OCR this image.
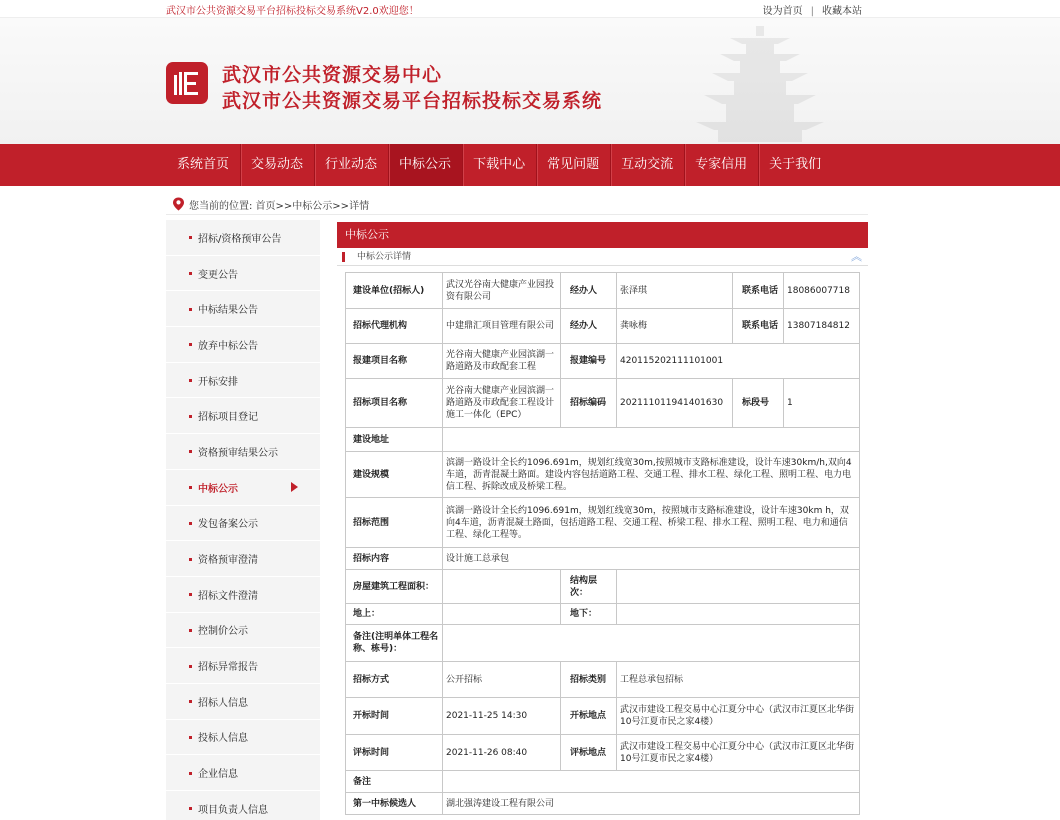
武汉市公共资源交易平台招标投标交易系统V2.0欢迎您！	设为首页 | 收藏本站
武汉市公共资源交易中心
武汉市公共资源交易平台招标投标交易系统
系统首页	交易动态	行业动态	中标公示	下载中心	常见问题	互动交流	专家信用	关于我们
您当前的位置: 首页>>中标公示>>详情
招标/资格预审公告
变更公告
中标结果公告
放弃中标公告
开标安排
招标项目登记
资格预审结果公示
中标公示
发包备案公示
资格预审澄清
招标文件澄清
控制价公示
招标异常报告
招标人信息
投标人信息
企业信息
项目负责人信息
中标公示
中标公示详情	︽
建设单位(招标人)	武汉光谷南大健康产业园投资有限公司	经办人	张泽琪	联系电话	18086007718
招标代理机构	中建鼎汇项目管理有限公司	经办人	龚咏梅	联系电话	13807184812
报建项目名称	光谷南大健康产业园滨湖一路道路及市政配套工程	报建编号	420115202111101001		
招标项目名称	光谷南大健康产业园滨湖一路道路及市政配套工程设计施工一体化（EPC）	招标编码	202111011941401630	标段号	1
建设地址					
建设规模	滨湖一路设计全长约1096.691m，规划红线宽30m,按照城市支路标准建设，设计车速30km/h,双向4车道，沥青混凝土路面。建设内容包括道路工程、交通工程、排水工程、绿化工程、照明工程、电力电信工程、拆除改成及桥梁工程。				
招标范围	滨湖一路设计全长约1096.691m，规划红线宽30m，按照城市支路标准建设，设计车速30km h，双向4车道，沥青混凝土路面，包括道路工程、交通工程、桥梁工程、排水工程、照明工程、电力和通信工程、绿化工程等。				
招标内容	设计施工总承包				
房屋建筑工程面积：		结构层次：			
地上：		地下：			
备注(注明单体工程名称、栋号)：					
招标方式	公开招标	招标类别	工程总承包招标		
开标时间	2021-11-25 14:30	开标地点	武汉市建设工程交易中心江夏分中心（武汉市江夏区北华街10号江夏市民之家4楼）		
评标时间	2021-11-26 08:40	评标地点	武汉市建设工程交易中心江夏分中心（武汉市江夏区北华街10号江夏市民之家4楼）		
备注					
第一中标候选人	湖北强涛建设工程有限公司				
